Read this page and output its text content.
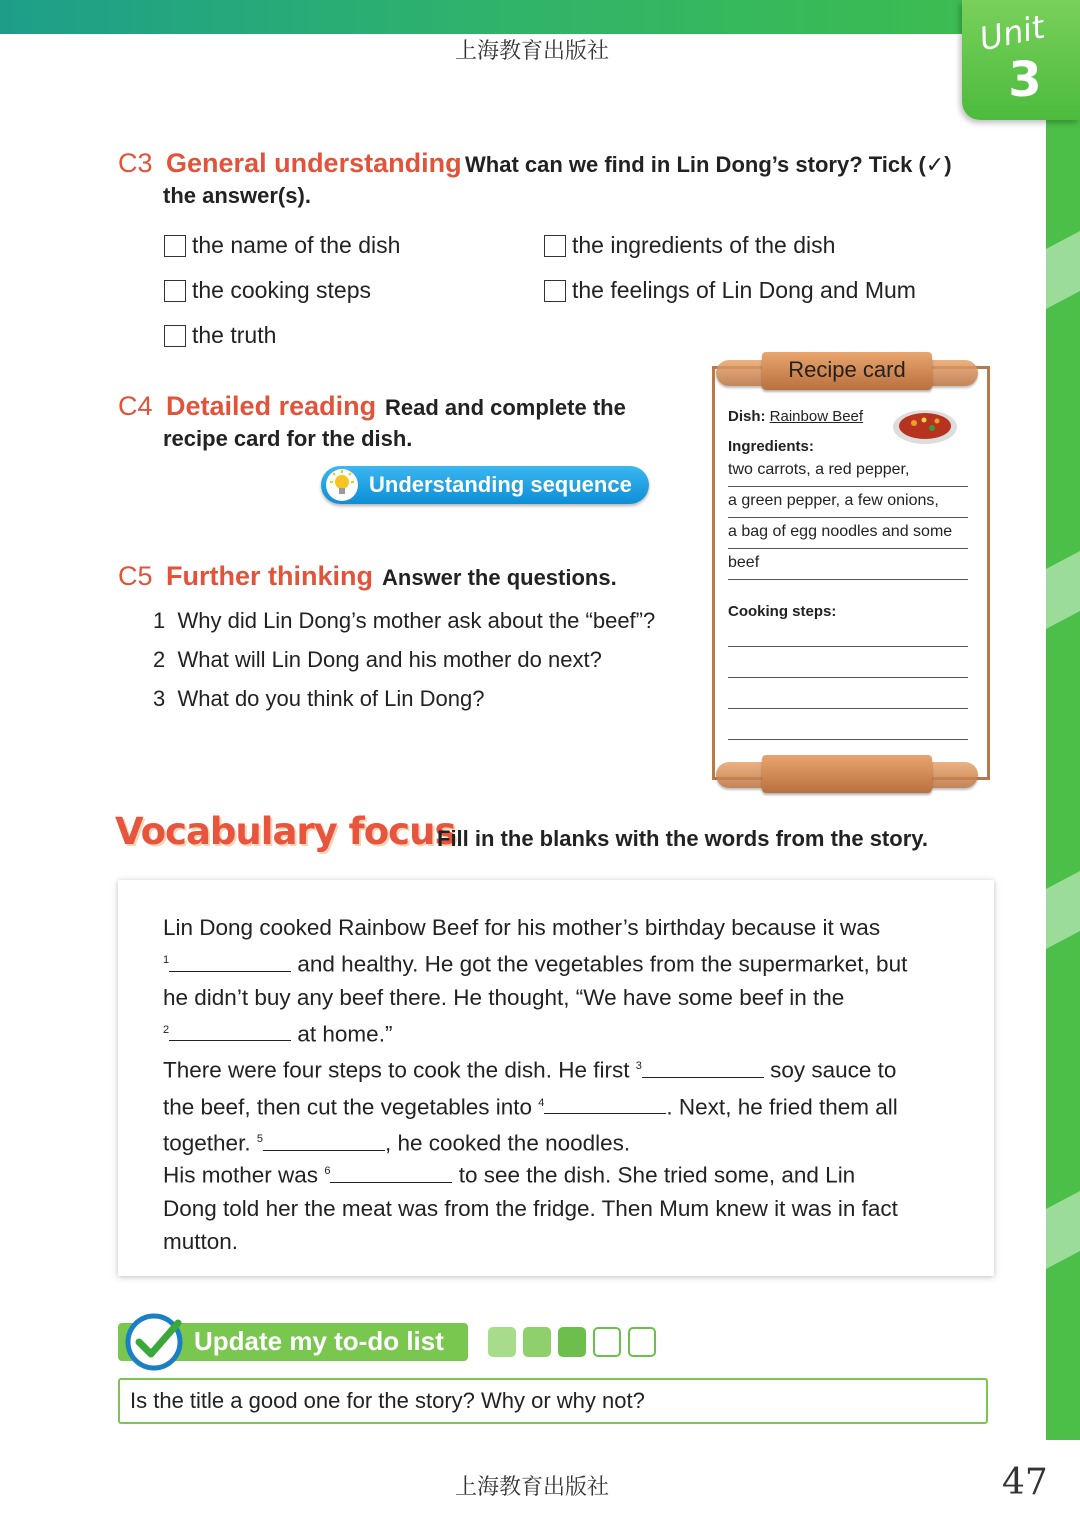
Unit
3
上海教育出版社
C3 General understanding What can we find in Lin Dong’s story? Tick (✓)
the answer(s).
the name of the dish	the ingredients of the dish
the cooking steps	the feelings of Lin Dong and Mum
the truth
C4 Detailed reading Read and complete the
recipe card for the dish.
Understanding sequence
Recipe card
Dish: Rainbow Beef
Ingredients:
two carrots, a red pepper,
a green pepper, a few onions,
a bag of egg noodles and some
beef
Cooking steps:
C5 Further thinking Answer the questions.
1 Why did Lin Dong’s mother ask about the “beef”?
2 What will Lin Dong and his mother do next?
3 What do you think of Lin Dong?
Vocabulary focus
Fill in the blanks with the words from the story.
Lin Dong cooked Rainbow Beef for his mother’s birthday because it was
$^1$	and healthy. He got the vegetables from the supermarket, but
he didn’t buy any beef there. He thought, “We have some beef in the
$^2$	at home.”
There were four steps to cook the dish. He first $^3$	soy sauce to
the beef, then cut the vegetables into $^4$	. Next, he fried them all
together. $^5$	, he cooked the noodles.
His mother was $^6$	to see the dish. She tried some, and Lin
Dong told her the meat was from the fridge. Then Mum knew it was in fact
mutton.
Update my to-do list
Is the title a good one for the story? Why or why not?
上海教育出版社	47
